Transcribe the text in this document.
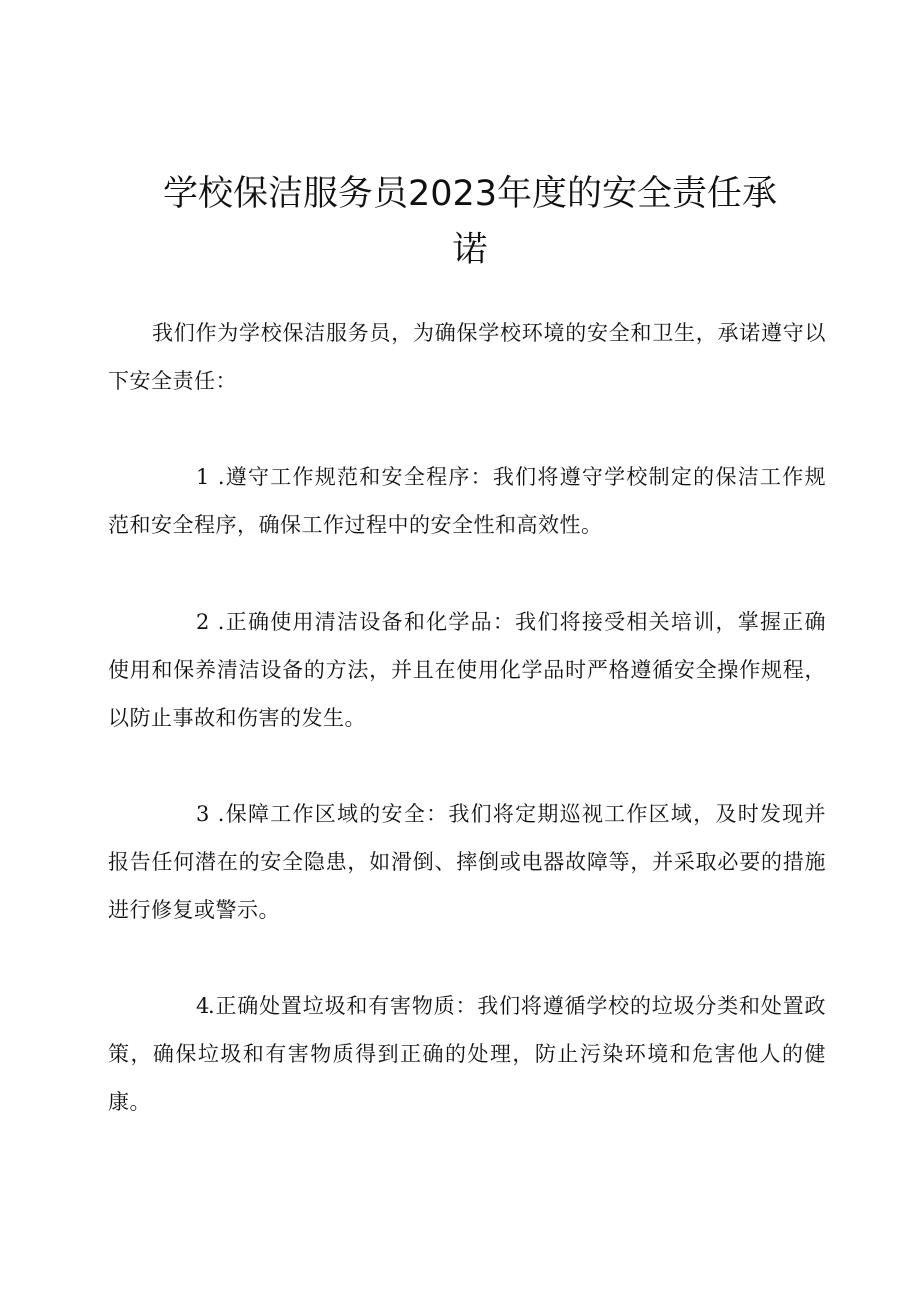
学校保洁服务员2023年度的安全责任承
诺

我们作为学校保洁服务员，为确保学校环境的安全和卫生，承诺遵守以下安全责任：

1 .遵守工作规范和安全程序：我们将遵守学校制定的保洁工作规范和安全程序，确保工作过程中的安全性和高效性。

2 .正确使用清洁设备和化学品：我们将接受相关培训，掌握正确使用和保养清洁设备的方法，并且在使用化学品时严格遵循安全操作规程，以防止事故和伤害的发生。

3 .保障工作区域的安全：我们将定期巡视工作区域，及时发现并报告任何潜在的安全隐患，如滑倒、摔倒或电器故障等，并采取必要的措施进行修复或警示。

4.正确处置垃圾和有害物质：我们将遵循学校的垃圾分类和处置政策，确保垃圾和有害物质得到正确的处理，防止污染环境和危害他人的健康。
